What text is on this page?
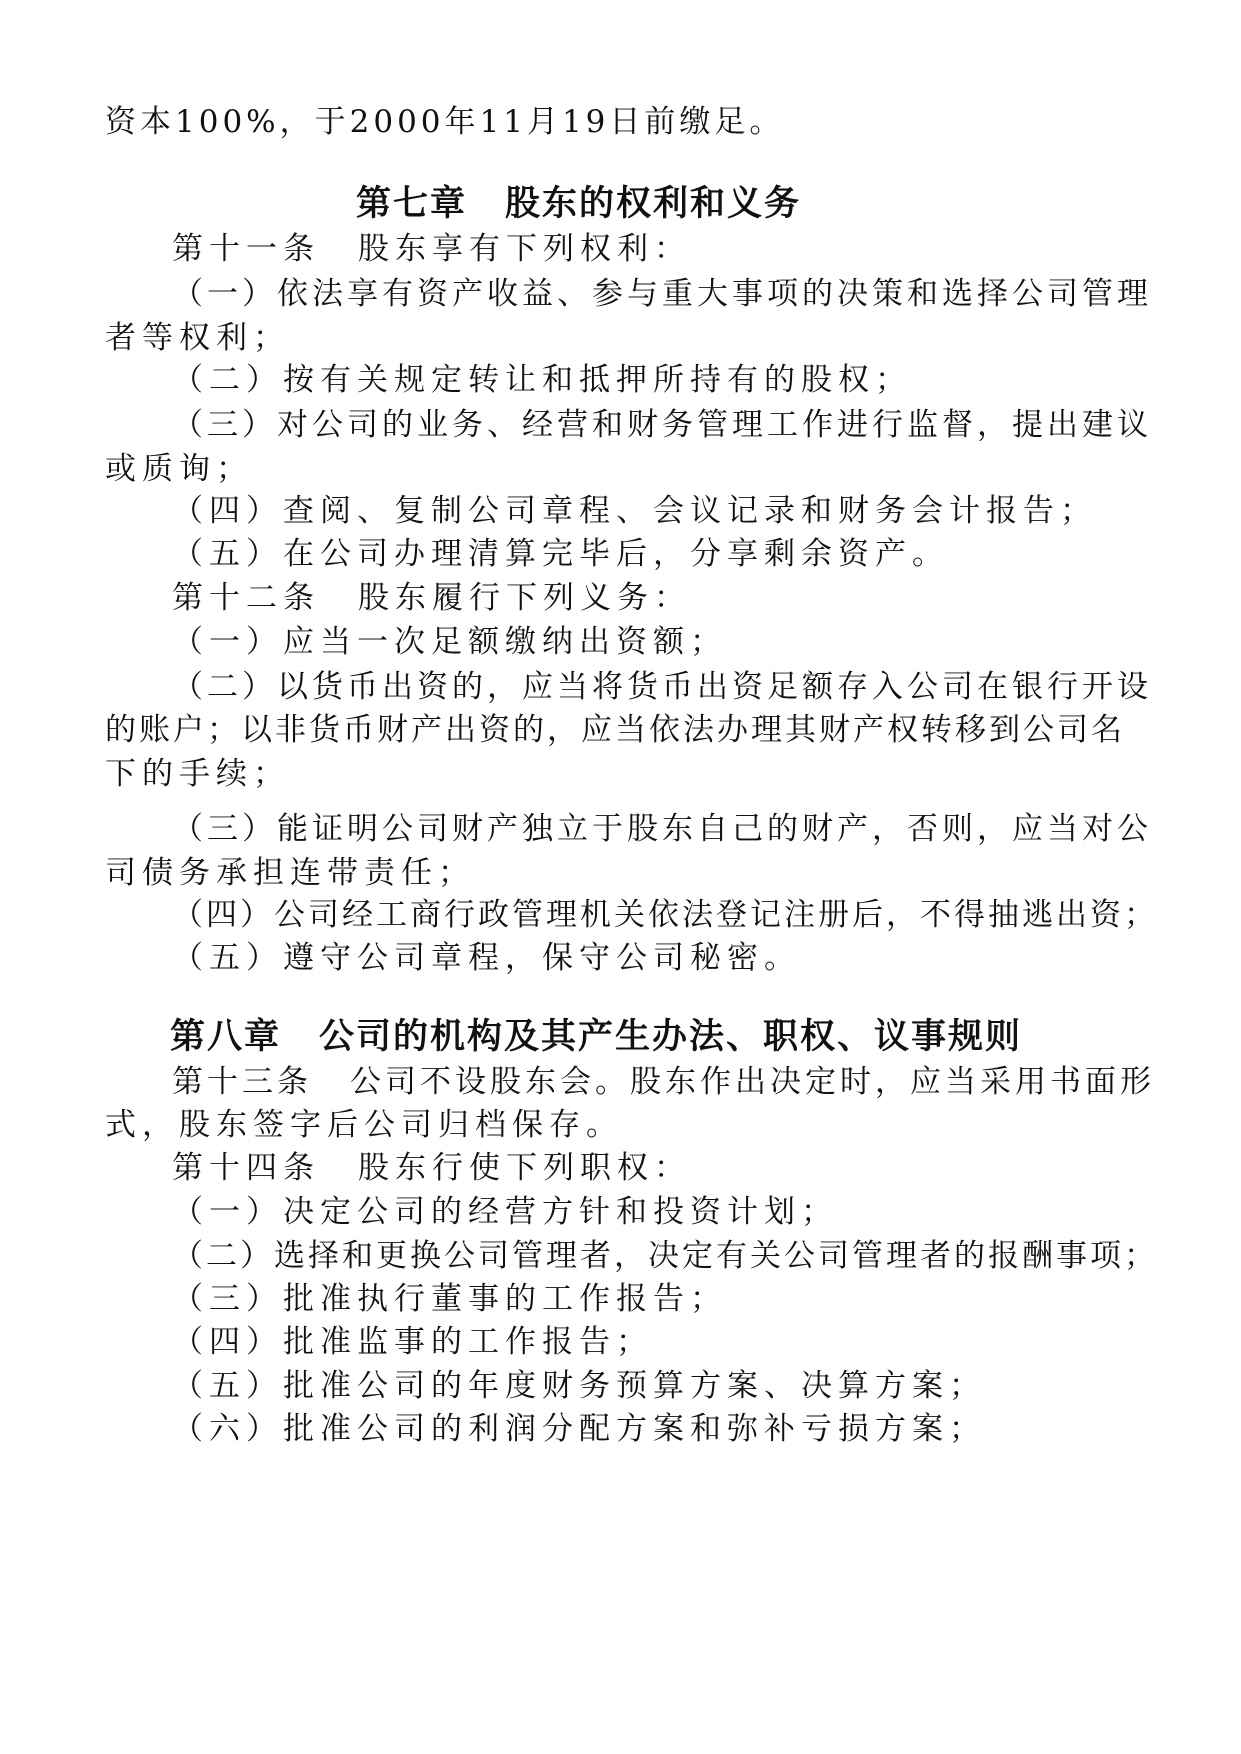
资本100%，于2000年11月19日前缴足。
第七章 股东的权利和义务
第十一条 股东享有下列权利：
（一）依法享有资产收益、参与重大事项的决策和选择公司管理
者等权利；
（二）按有关规定转让和抵押所持有的股权；
（三）对公司的业务、经营和财务管理工作进行监督，提出建议
或质询；
（四）查阅、复制公司章程、会议记录和财务会计报告；
（五）在公司办理清算完毕后，分享剩余资产。
第十二条 股东履行下列义务：
（一）应当一次足额缴纳出资额；
（二）以货币出资的，应当将货币出资足额存入公司在银行开设
的账户；以非货币财产出资的，应当依法办理其财产权转移到公司名
下的手续；
（三）能证明公司财产独立于股东自己的财产，否则，应当对公
司债务承担连带责任；
（四）公司经工商行政管理机关依法登记注册后，不得抽逃出资；
（五）遵守公司章程，保守公司秘密。
第八章 公司的机构及其产生办法、职权、议事规则
第十三条 公司不设股东会。股东作出决定时，应当采用书面形
式，股东签字后公司归档保存。
第十四条 股东行使下列职权：
（一）决定公司的经营方针和投资计划；
（二）选择和更换公司管理者，决定有关公司管理者的报酬事项；
（三）批准执行董事的工作报告；
（四）批准监事的工作报告；
（五）批准公司的年度财务预算方案、决算方案；
（六）批准公司的利润分配方案和弥补亏损方案；
